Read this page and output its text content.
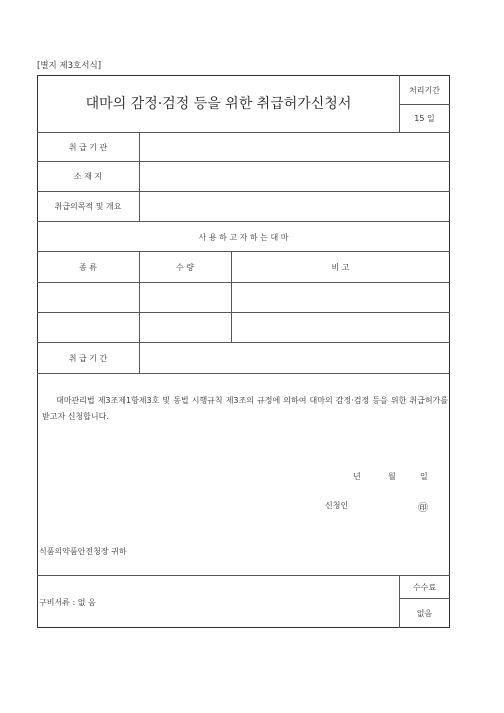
[별지 제3호서식]
대마의 감정·검정 등을 위한 취급허가신청서
처리기간
15 일
취 급 기 관
소 재 지
취급의목적 및 개요
사 용 하 고 자 하 는 대 마
종 류	수 량	비 고
취 급 기 간
대마관리법 제3조제1항제3호 및 동법 시행규칙 제3조의 규정에 의하여 대마의 감정·검정 등을 위한 취급허가를 받고자 신청합니다.
년	월	일
신청인	㊞
식품의약품안전청장 귀하
구비서류 : 없 음
수수료
없음
